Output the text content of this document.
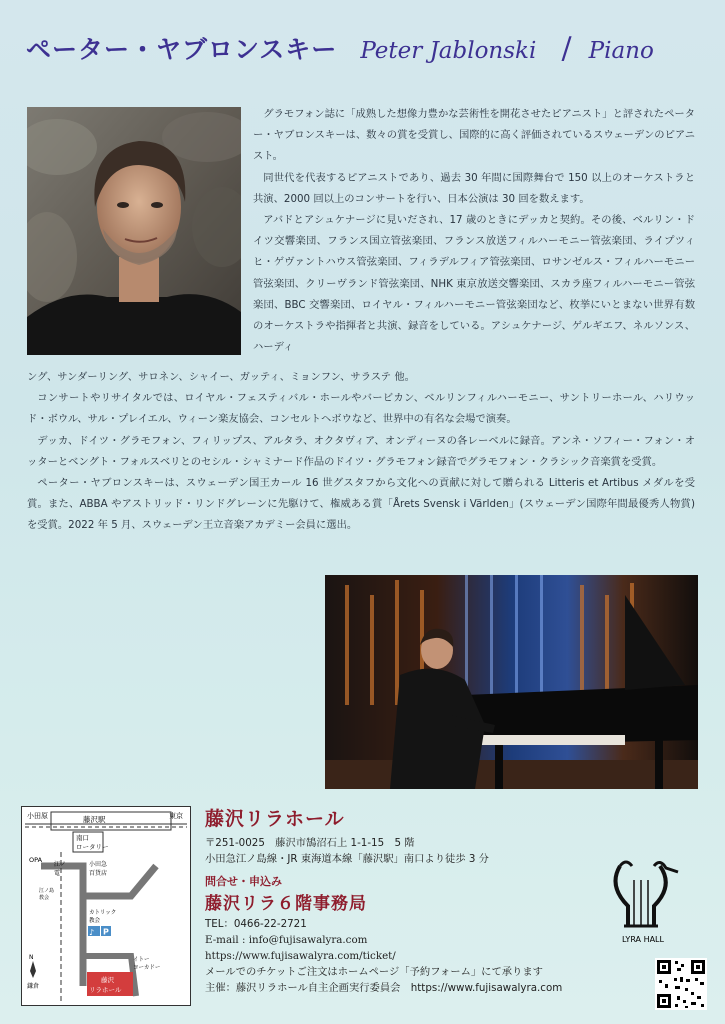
ペーター・ヤブロンスキー Peter Jablonski / Piano

グラモフォン誌に「成熟した想像力豊かな芸術性を開花させたピアニスト」と評されたペーター・ヤブロンスキーは、数々の賞を受賞し、国際的に高く評価されているスウェーデンのピアニスト。

同世代を代表するピアニストであり、過去 30 年間に国際舞台で 150 以上のオーケストラと共演、2000 回以上のコンサートを行い、日本公演は 30 回を数えます。

アバドとアシュケナージに見いだされ、17 歳のときにデッカと契約。その後、ベルリン・ドイツ交響楽団、フランス国立管弦楽団、フランス放送フィルハーモニー管弦楽団、ライプツィヒ・ゲヴァントハウス管弦楽団、フィラデルフィア管弦楽団、ロサンゼルス・フィルハーモニー管弦楽団、クリーヴランド管弦楽団、NHK 東京放送交響楽団、スカラ座フィルハーモニー管弦楽団、BBC 交響楽団、ロイヤル・フィルハーモニー管弦楽団など、枚挙にいとまない世界有数のオーケストラや指揮者と共演、録音をしている。アシュケナージ、ゲルギエフ、ネルソンス、ハーディ

ング、サンダーリング、サロネン、シャイー、ガッティ、ミョンフン、サラステ 他。

コンサートやリサイタルでは、ロイヤル・フェスティバル・ホールやバービカン、ベルリンフィルハーモニー、サントリーホール、ハリウッド・ボウル、サル・プレイエル、ウィーン楽友協会、コンセルトヘボウなど、世界中の有名な会場で演奏。

デッカ、ドイツ・グラモフォン、フィリップス、アルタラ、オクタヴィア、オンディーヌの各レーベルに録音。アンネ・ソフィー・フォン・オッターとベングト・フォルスベリとのセシル・シャミナード作品のドイツ・グラモフォン録音でグラモフォン・クラシック音楽賞を受賞。

ペーター・ヤブロンスキーは、スウェーデン国王カール 16 世グスタフから文化への貢献に対して贈られる Litteris et Artibus メダルを受賞。また、ABBA やアストリッド・リンドグレーンに先駆けて、権威ある賞「Årets Svensk i Världen」(スウェーデン国際年間最優秀人物賞) を受賞。2022 年 5 月、スウェーデン王立音楽アカデミー会員に選出。

小田原	藤沢駅	東京
南口
ロータリー
OPA
江ノ
電
小田急
百貨店
江ノ島
教会
カトリック
教会
P
♪
イトー
ヨーカドー
N
鎌倉
藤沢
リラホール
藤沢リラホール
〒251-0025　藤沢市鵠沼石上 1-1-15　5 階
小田急江ノ島線・JR 東海道本線「藤沢駅」南口より徒歩 3 分
問合せ・申込み
藤沢リラ６階事務局
TEL：0466-22-2721
E-mail : info@fujisawalyra.com
https://www.fujisawalyra.com/ticket/
メールでのチケットご注文はホームページ「予約フォーム」にて承ります
主催：藤沢リラホール自主企画実行委員会　https://www.fujisawalyra.com
LYRA HALL
